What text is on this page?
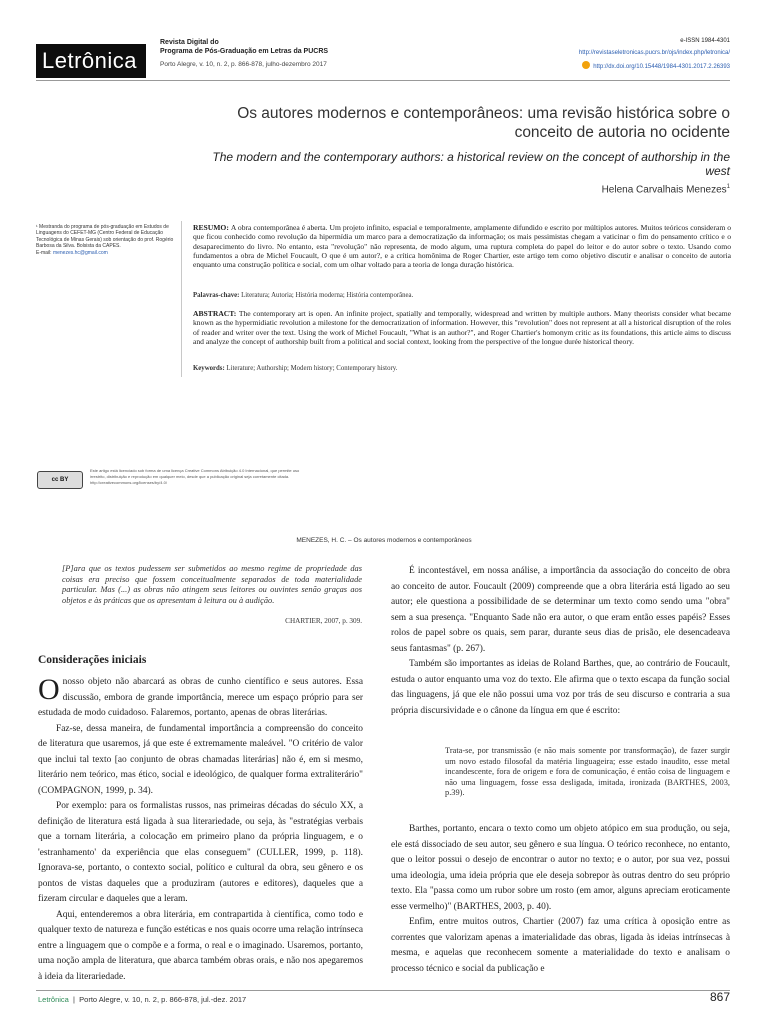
Letrônica
Revista Digital do
Programa de Pós-Graduação em Letras da PUCRS
Porto Alegre, v. 10, n. 2, p. 866-878, julho-dezembro 2017
e-ISSN 1984-4301
http://revistaseletronicas.pucrs.br/ojs/index.php/letronica/
http://dx.doi.org/10.15448/1984-4301.2017.2.26393
Os autores modernos e contemporâneos: uma revisão histórica sobre o conceito de autoria no ocidente
The modern and the contemporary authors: a historical review on the concept of authorship in the west
Helena Carvalhais Menezes$^1$
¹ Mestranda do programa de pós-graduação em Estudos de Linguagens do CEFET-MG (Centro Federal de Educação Tecnológica de Minas Gerais) sob orientação do prof. Rogério Barbosa da Silva. Bolsista da CAPES.
E-mail: menezes.hc@gmail.com
RESUMO: A obra contemporânea é aberta. Um projeto infinito, espacial e temporalmente, amplamente difundido e escrito por múltiplos autores. Muitos teóricos consideram o que ficou conhecido como revolução da hipermídia um marco para a democratização da informação; os mais pessimistas chegam a vaticinar o fim do pensamento crítico e o desaparecimento do livro. No entanto, esta "revolução" não representa, de modo algum, uma ruptura completa do papel do leitor e do autor sobre o texto. Usando como fundamentos a obra de Michel Foucault, O que é um autor?, e a crítica homônima de Roger Chartier, este artigo tem como objetivo discutir e analisar o conceito de autoria enquanto uma construção política e social, com um olhar voltado para a teoria de longa duração histórica.
Palavras-chave: Literatura; Autoria; História moderna; História contemporânea.
ABSTRACT: The contemporary art is open. An infinite project, spatially and temporally, widespread and written by multiple authors. Many theorists consider what became known as the hypermidiatic revolution a milestone for the democratization of information. However, this "revolution" does not represent at all a historical disruption of the roles of reader and writer over the text. Using the work of Michel Foucault, "What is an author?", and Roger Chartier's homonym critic as its foundations, this article aims to discuss and analyze the concept of authorship built from a political and social context, looking from the perspective of the longue durée historical theory.
Keywords: Literature; Authorship; Modern history; Contemporary history.
cc BY
Este artigo está licenciado sob forma de uma licença Creative Commons Atribuição 4.0 Internacional, que permite uso irrestrito, distribuição e reprodução em qualquer meio, desde que a publicação original seja corretamente citada. http://creativecommons.org/licenses/by/4.0/
MENEZES, H. C. – Os autores modernos e contemporâneos
[P]ara que os textos pudessem ser submetidos ao mesmo regime de propriedade das coisas era preciso que fossem conceitualmente separados de toda materialidade particular. Mas (...) as obras não atingem seus leitores ou ouvintes senão graças aos objetos e às práticas que os apresentam à leitura ou à audição.
CHARTIER, 2007, p. 309.
Considerações iniciais

Onosso objeto não abarcará as obras de cunho científico e seus autores. Essa discussão, embora de grande importância, merece um espaço próprio para ser estudada de modo cuidadoso. Falaremos, portanto, apenas de obras literárias.

Faz-se, dessa maneira, de fundamental importância a compreensão do conceito de literatura que usaremos, já que este é extremamente maleável. "O critério de valor que inclui tal texto [ao conjunto de obras chamadas literárias] não é, em si mesmo, literário nem teórico, mas ético, social e ideológico, de qualquer forma extraliterário" (COMPAGNON, 1999, p. 34).

Por exemplo: para os formalistas russos, nas primeiras décadas do século XX, a definição de literatura está ligada à sua literariedade, ou seja, às "estratégias verbais que a tornam literária, a colocação em primeiro plano da própria linguagem, e o 'estranhamento' da experiência que elas conseguem" (CULLER, 1999, p. 118). Ignorava-se, portanto, o contexto social, político e cultural da obra, seu gênero e os pontos de vistas daqueles que a produziram (autores e editores), daqueles que a fizeram circular e daqueles que a leram.

Aqui, entenderemos a obra literária, em contrapartida à científica, como todo e qualquer texto de natureza e função estéticas e nos quais ocorre uma relação intrínseca entre a linguagem que o compõe e a forma, o real e o imaginado. Usaremos, portanto, uma noção ampla de literatura, que abarca também obras orais, e não nos apegaremos à ideia da literariedade.

É incontestável, em nossa análise, a importância da associação do conceito de obra ao conceito de autor. Foucault (2009) compreende que a obra literária está ligado ao seu autor; ele questiona a possibilidade de se determinar um texto como sendo uma "obra" sem a sua presença. "Enquanto Sade não era autor, o que eram então esses papéis? Esses rolos de papel sobre os quais, sem parar, durante seus dias de prisão, ele desencadeava seus fantasmas" (p. 267).

Também são importantes as ideias de Roland Barthes, que, ao contrário de Foucault, estuda o autor enquanto uma voz do texto. Ele afirma que o texto escapa da função social das linguagens, já que ele não possui uma voz por trás de seu discurso e contraria a sua própria discursividade e o cânone da língua em que é escrito:

Trata-se, por transmissão (e não mais somente por transformação), de fazer surgir um novo estado filosofal da matéria linguageira; esse estado inaudito, esse metal incandescente, fora de origem e fora de comunicação, é então coisa de linguagem e não uma linguagem, fosse essa desligada, imitada, ironizada (BARTHES, 2003, p.39).

Barthes, portanto, encara o texto como um objeto atópico em sua produção, ou seja, ele está dissociado de seu autor, seu gênero e sua língua. O teórico reconhece, no entanto, que o leitor possui o desejo de encontrar o autor no texto; e o autor, por sua vez, possui uma ideologia, uma ideia própria que ele deseja sobrepor às outras dentro do seu próprio texto. Ela "passa como um rubor sobre um rosto (em amor, alguns apreciam eroticamente esse vermelho)" (BARTHES, 2003, p. 40).

Enfim, entre muitos outros, Chartier (2007) faz uma crítica à oposição entre as correntes que valorizam apenas a imaterialidade das obras, ligada às ideias intrínsecas à mesma, e aquelas que reconhecem somente a materialidade do texto e analisam o processo técnico e social da publicação e

Letrônica | Porto Alegre, v. 10, n. 2, p. 866-878, jul.-dez. 2017	867
